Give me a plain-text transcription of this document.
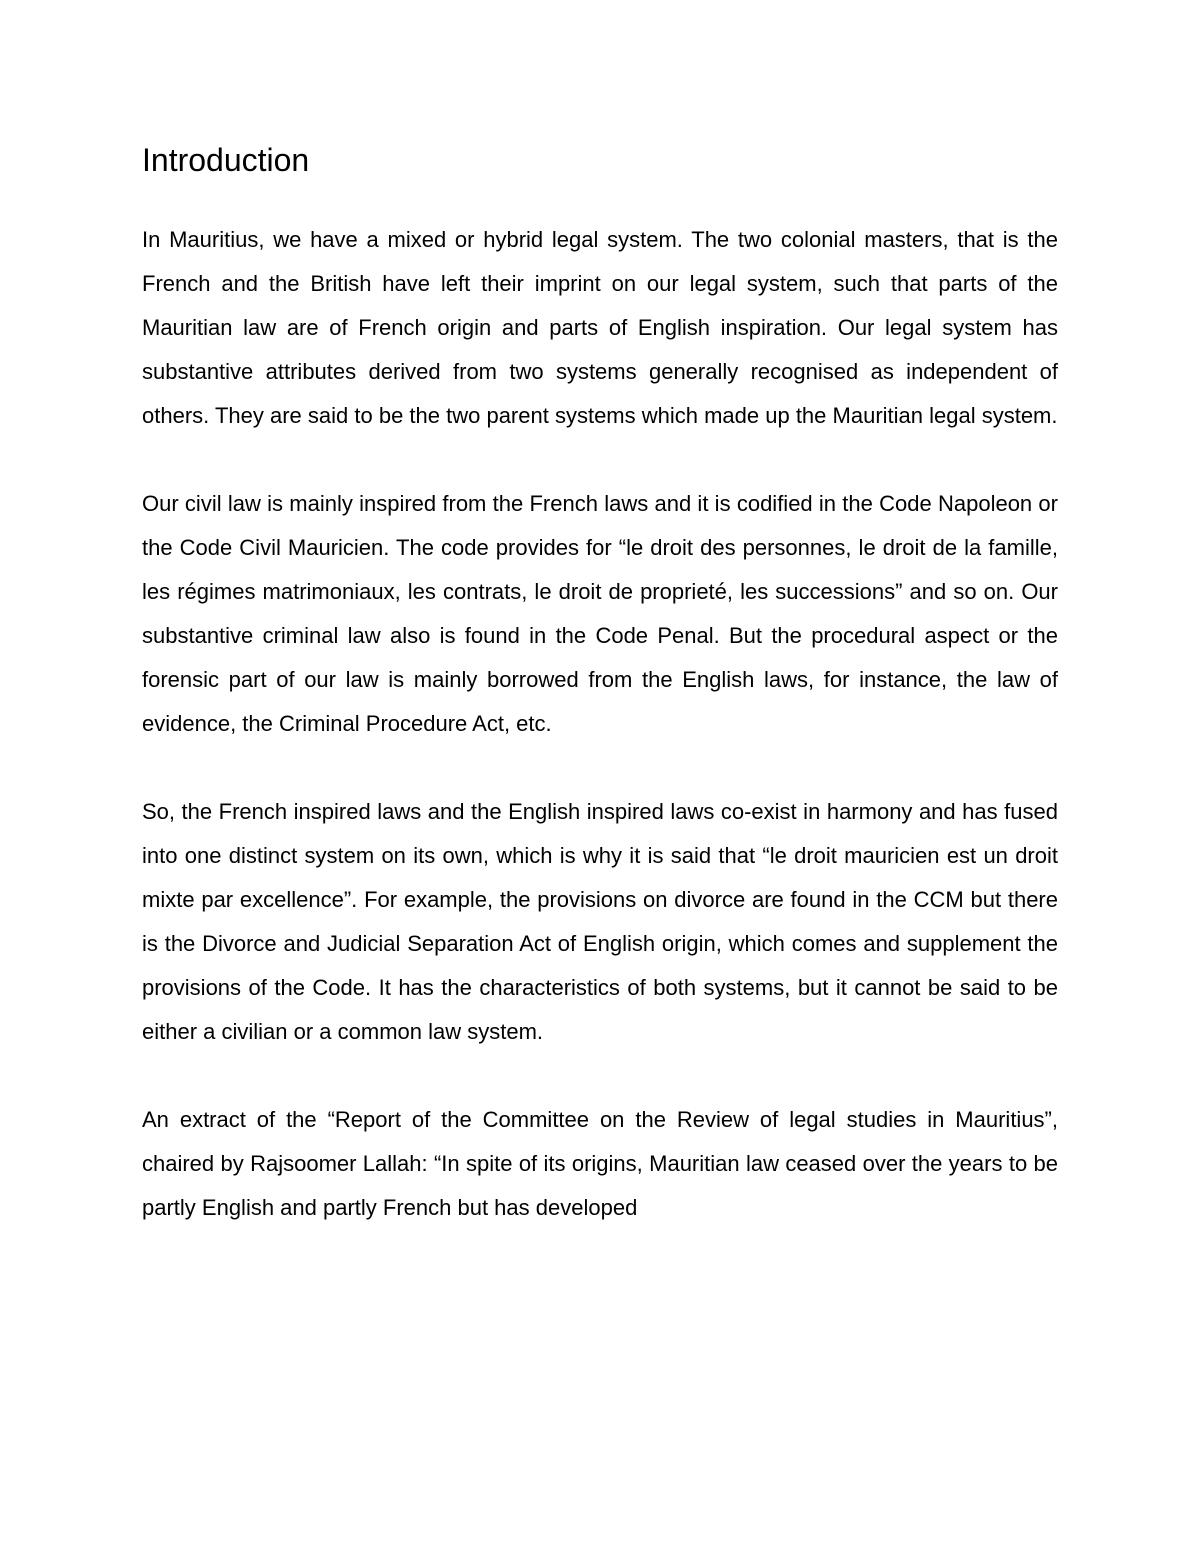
Introduction

In Mauritius, we have a mixed or hybrid legal system. The two colonial masters, that is the French and the British have left their imprint on our legal system, such that parts of the Mauritian law are of French origin and parts of English inspiration. Our legal system has substantive attributes derived from two systems generally recognised as independent of others. They are said to be the two parent systems which made up the Mauritian legal system.

Our civil law is mainly inspired from the French laws and it is codified in the Code Napoleon or the Code Civil Mauricien. The code provides for “le droit des personnes, le droit de la famille, les régimes matrimoniaux, les contrats, le droit de proprieté, les successions” and so on. Our substantive criminal law also is found in the Code Penal. But the procedural aspect or the forensic part of our law is mainly borrowed from the English laws, for instance, the law of evidence, the Criminal Procedure Act, etc.

So, the French inspired laws and the English inspired laws co-exist in harmony and has fused into one distinct system on its own, which is why it is said that “le droit mauricien est un droit mixte par excellence”. For example, the provisions on divorce are found in the CCM but there is the Divorce and Judicial Separation Act of English origin, which comes and supplement the provisions of the Code. It has the characteristics of both systems, but it cannot be said to be either a civilian or a common law system.

An extract of the “Report of the Committee on the Review of legal studies in Mauritius”, chaired by Rajsoomer Lallah: “In spite of its origins, Mauritian law ceased over the years to be partly English and partly French but has developed
